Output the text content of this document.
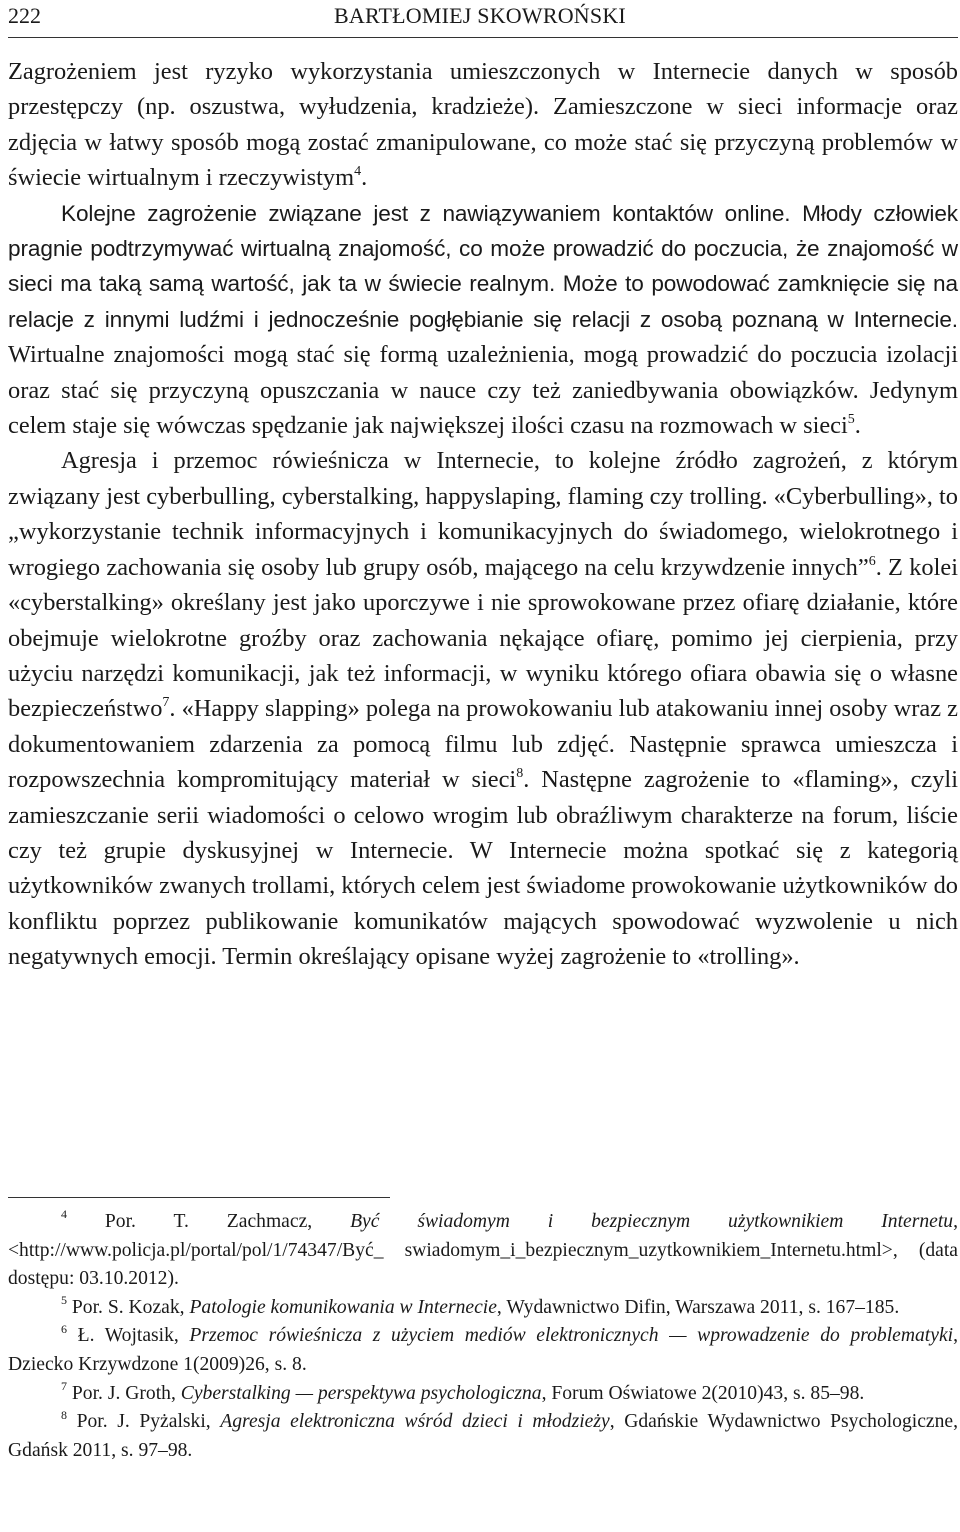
222	BARTŁOMIEJ SKOWROŃSKI

Zagrożeniem jest ryzyko wykorzystania umieszczonych w Internecie danych w sposób przestępczy (np. oszustwa, wyłudzenia, kradzieże). Zamieszczone w sieci informacje oraz zdjęcia w łatwy sposób mogą zostać zmanipulowane, co może stać się przyczyną problemów w świecie wirtualnym i rzeczywistym$^4$.

Kolejne zagrożenie związane jest z nawiązywaniem kontaktów online. Młody człowiek pragnie podtrzymywać wirtualną znajomość, co może prowadzić do poczucia, że znajomość w sieci ma taką samą wartość, jak ta w świecie realnym. Może to powodować zamknięcie się na relacje z innymi ludźmi i jednocześnie pogłębianie się relacji z osobą poznaną w Internecie. Wirtualne znajomości mogą stać się formą uzależnienia, mogą prowadzić do poczucia izolacji oraz stać się przyczyną opuszczania w nauce czy też zaniedbywania obowiązków. Jedynym celem staje się wówczas spędzanie jak największej ilości czasu na rozmowach w sieci$^5$.

Agresja i przemoc rówieśnicza w Internecie, to kolejne źródło zagrożeń, z którym związany jest cyberbulling, cyberstalking, happyslaping, flaming czy trolling. «Cyberbulling», to „wykorzystanie technik informacyjnych i komunikacyjnych do świadomego, wielokrotnego i wrogiego zachowania się osoby lub grupy osób, mającego na celu krzywdzenie innych”$^6$. Z kolei «cyberstalking» określany jest jako uporczywe i nie sprowokowane przez ofiarę działanie, które obejmuje wielokrotne groźby oraz zachowania nękające ofiarę, pomimo jej cierpienia, przy użyciu narzędzi komunikacji, jak też informacji, w wyniku którego ofiara obawia się o własne bezpieczeństwo$^7$. «Happy slapping» polega na prowokowaniu lub atakowaniu innej osoby wraz z dokumentowaniem zdarzenia za pomocą filmu lub zdjęć. Następnie sprawca umieszcza i rozpowszechnia kompromitujący materiał w sieci$^8$. Następne zagrożenie to «flaming», czyli zamieszczanie serii wiadomości o celowo wrogim lub obraźliwym charakterze na forum, liście czy też grupie dyskusyjnej w Internecie. W Internecie można spotkać się z kategorią użytkowników zwanych trollami, których celem jest świadome prowokowanie użytkowników do konfliktu poprzez publikowanie komunikatów mających spowodować wyzwolenie u nich negatywnych emocji. Termin określający opisane wyżej zagrożenie to «trolling».

$^4$ Por. T. Zachmacz, Być świadomym i bezpiecznym użytkownikiem Internetu, <http://www.policja.pl/portal/pol/1/74347/Być_ swiadomym_i_bezpiecznym_uzytkownikiem_Internetu.html>, (data dostępu: 03.10.2012).

$^5$ Por. S. Kozak, Patologie komunikowania w Internecie, Wydawnictwo Difin, Warszawa 2011, s. 167–185.

$^6$ Ł. Wojtasik, Przemoc rówieśnicza z użyciem mediów elektronicznych — wprowadzenie do problematyki, Dziecko Krzywdzone 1(2009)26, s. 8.

$^7$ Por. J. Groth, Cyberstalking — perspektywa psychologiczna, Forum Oświatowe 2(2010)43, s. 85–98.

$^8$ Por. J. Pyżalski, Agresja elektroniczna wśród dzieci i młodzieży, Gdańskie Wydawnictwo Psychologiczne, Gdańsk 2011, s. 97–98.
